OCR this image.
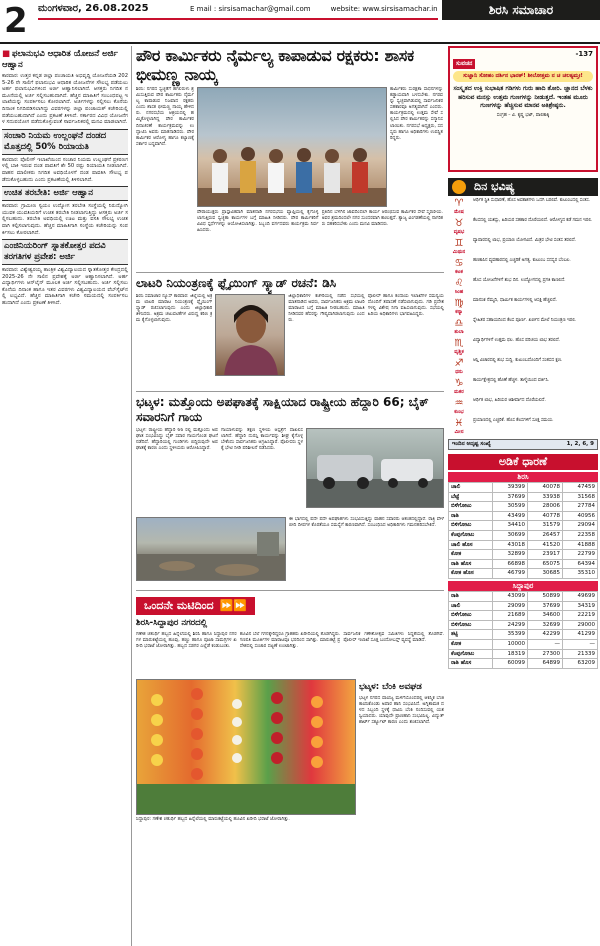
2	ಮಂಗಳವಾರ, 26.08.2025	E mail : sirsisamachar@gmail.com	website: www.sirsisamachar.in	ಶಿರಸಿ ಸಮಾಚಾರ
■ ಫಲಾನುಭವಿ ಆಧಾರಿತ ಯೋಜನೆ ಅರ್ಜಿ ಆಹ್ವಾನ
ಕಾರವಾರ: ಉತ್ತರ ಕನ್ನಡ ಜಿಲ್ಲಾ ಪಂಚಾಯತಿ ಅಭಿವೃದ್ಧಿ ಯೋಜನೆಯಡಿ 2025-26 ನೇ ಸಾಲಿಗೆ ಫಲಾನುಭವಿ ಆಧಾರಿತ ಯೋಜನೆಗಳ ಸೌಲಭ್ಯ ಪಡೆಯಲು ಅರ್ಹ ಫಲಾನುಭವಿಗಳಿಂದ ಅರ್ಜಿ ಆಹ್ವಾನಿಸಲಾಗಿದೆ. ಆಸಕ್ತರು ನಿಗದಿತ ನಮೂನೆಯಲ್ಲಿ ಅರ್ಜಿ ಸಲ್ಲಿಸಬಹುದಾಗಿದೆ. ಹೆಚ್ಚಿನ ಮಾಹಿತಿಗೆ ಸಂಬಂಧಪಟ್ಟ ಇಲಾಖೆಯನ್ನು ಸಂಪರ್ಕಿಸಲು ಕೋರಲಾಗಿದೆ. ಅರ್ಜಿಗಳನ್ನು ಸಲ್ಲಿಸಲು ಕೊನೆಯ ದಿನಾಂಕ ನಿಗದಿಪಡಿಸಲಾಗಿದ್ದು ವಿವರಗಳನ್ನು ಜಿಲ್ಲಾ ಪಂಚಾಯತ್ ಕಚೇರಿಯಲ್ಲಿ ಪಡೆಯಬಹುದಾಗಿದೆ ಎಂದು ಪ್ರಕಟಣೆ ತಿಳಿಸಿದೆ. ಸರ್ಕಾರದ ವಿವಿಧ ಯೋಜನೆಗಳ ಸದುಪಯೋಗ ಪಡೆದುಕೊಳ್ಳುವಂತೆ ಸಾರ್ವಜನಿಕರಲ್ಲಿ ಮನವಿ ಮಾಡಲಾಗಿದೆ.
ಸಂಚಾರಿ ನಿಯಮ ಉಲ್ಲಂಘನೆ ದಂಡದ ಮೊತ್ತದಲ್ಲಿ 50% ರಿಯಾಯತಿ
ಕಾರವಾರ: ಪೊಲೀಸ್ ಇಲಾಖೆಯಿಂದ ಸಂಚಾರ ನಿಯಮ ಉಲ್ಲಂಘನೆ ಪ್ರಕರಣಗಳಲ್ಲಿ ಬಾಕಿ ಇರುವ ದಂಡ ಪಾವತಿಗೆ ಶೇ 50 ರಷ್ಟು ರಿಯಾಯತಿ ನೀಡಲಾಗಿದೆ. ವಾಹನ ಮಾಲೀಕರು ನಿಗದಿತ ಅವಧಿಯೊಳಗೆ ದಂಡ ಪಾವತಿಸಿ ಸೌಲಭ್ಯ ಪಡೆದುಕೊಳ್ಳಬಹುದು ಎಂದು ಪ್ರಕಟಣೆಯಲ್ಲಿ ತಿಳಿಸಲಾಗಿದೆ.
ಉಚಿತ ತರಬೇತಿ: ಅರ್ಜಿ ಆಹ್ವಾನ
ಕಾರವಾರ: ಗ್ರಾಮೀಣ ಸ್ವಯಂ ಉದ್ಯೋಗ ತರಬೇತಿ ಸಂಸ್ಥೆಯಲ್ಲಿ ನಿರುದ್ಯೋಗಿ ಯುವಕ ಯುವತಿಯರಿಗೆ ಉಚಿತ ತರಬೇತಿ ನೀಡಲಾಗುತ್ತಿದ್ದು ಆಸಕ್ತರು ಅರ್ಜಿ ಸಲ್ಲಿಸಬಹುದು. ತರಬೇತಿ ಅವಧಿಯಲ್ಲಿ ಊಟ ಮತ್ತು ವಸತಿ ಸೌಲಭ್ಯ ಉಚಿತವಾಗಿ ಕಲ್ಪಿಸಲಾಗುವುದು. ಹೆಚ್ಚಿನ ಮಾಹಿತಿಗಾಗಿ ಸಂಸ್ಥೆಯ ಕಚೇರಿಯನ್ನು ಸಂಪರ್ಕಿಸಲು ಕೋರಲಾಗಿದೆ.
ಎಂಜಿನಿಯರಿಂಗ್ ಸ್ನಾತಕೋತ್ತರ ಪದವಿ ತರಗತಿಗಳ ಪ್ರವೇಶ: ಅರ್ಜಿ
ಕಾರವಾರ: ವಿಶ್ವೇಶ್ವರಯ್ಯ ತಾಂತ್ರಿಕ ವಿಶ್ವವಿದ್ಯಾಲಯದ ಸ್ನಾತಕೋತ್ತರ ಕೇಂದ್ರದಲ್ಲಿ 2025-26 ನೇ ಸಾಲಿನ ಪ್ರವೇಶಕ್ಕೆ ಅರ್ಜಿ ಆಹ್ವಾನಿಸಲಾಗಿದೆ. ಅರ್ಹ ವಿದ್ಯಾರ್ಥಿಗಳು ಆನ್‌ಲೈನ್ ಮೂಲಕ ಅರ್ಜಿ ಸಲ್ಲಿಸಬಹುದು. ಅರ್ಜಿ ಸಲ್ಲಿಸಲು ಕೊನೆಯ ದಿನಾಂಕ ಹಾಗೂ ಇತರ ವಿವರಗಳು ವಿಶ್ವವಿದ್ಯಾಲಯದ ವೆಬ್‌ಸೈಟ್‌ನಲ್ಲಿ ಲಭ್ಯವಿದೆ. ಹೆಚ್ಚಿನ ಮಾಹಿತಿಗಾಗಿ ಕಚೇರಿ ಸಮಯದಲ್ಲಿ ಸಂಪರ್ಕಿಸಬಹುದಾಗಿದೆ ಎಂದು ಪ್ರಕಟಣೆ ತಿಳಿಸಿದೆ.
ಪೌರ ಕಾರ್ಮಿಕರು ನೈರ್ಮಲ್ಯ ಕಾಪಾಡುವ ರಕ್ಷಕರು: ಶಾಸಕ ಭೀಮಣ್ಣ ನಾಯ್ಕ
ಶಿರಸಿ: ನಗರದ ಸ್ವಚ್ಛತೆಗೆ ಹಗಲಿರುಳು ಶ್ರಮಿಸುತ್ತಿರುವ ಪೌರ ಕಾರ್ಮಿಕರು ನೈರ್ಮಲ್ಯ ಕಾಪಾಡುವ ನಿಜವಾದ ರಕ್ಷಕರು ಎಂದು ಶಾಸಕ ಭೀಮಣ್ಣ ನಾಯ್ಕ ಹೇಳಿದರು. ನಗರಸಭೆಯ ಆಶ್ರಯದಲ್ಲಿ ಹಮ್ಮಿಕೊಳ್ಳಲಾಗಿದ್ದ ಪೌರ ಕಾರ್ಮಿಕರ ದಿನಾಚರಣೆ ಕಾರ್ಯಕ್ರಮವನ್ನು ಉದ್ಘಾಟಿಸಿ ಅವರು ಮಾತನಾಡಿದರು. ಪೌರ ಕಾರ್ಮಿಕರ ಆರೋಗ್ಯ ಹಾಗೂ ಕಲ್ಯಾಣಕ್ಕೆ ಸರ್ಕಾರ ಬದ್ಧವಾಗಿದೆ.
ಕಾರ್ಮಿಕರು ಸುರಕ್ಷತಾ ಸಾಧನಗಳನ್ನು ಕಡ್ಡಾಯವಾಗಿ ಬಳಸಬೇಕು. ನಗರವನ್ನು ಸ್ವಚ್ಛವಾಗಿಡುವಲ್ಲಿ ಸಾರ್ವಜನಿಕರ ಸಹಕಾರವೂ ಅಗತ್ಯವಾಗಿದೆ ಎಂದರು. ಕಾರ್ಯಕ್ರಮದಲ್ಲಿ ಉತ್ತಮ ಸೇವೆ ಸಲ್ಲಿಸಿದ ಪೌರ ಕಾರ್ಮಿಕರನ್ನು ಸನ್ಮಾನಿಸಲಾಯಿತು. ನಗರಸಭೆ ಅಧ್ಯಕ್ಷರು, ಸದಸ್ಯರು ಹಾಗೂ ಅಧಿಕಾರಿಗಳು ಉಪಸ್ಥಿತರಿದ್ದರು.
ಪೌರಾಯುಕ್ತರು ಪ್ರಾಸ್ತಾವಿಕವಾಗಿ ಮಾತನಾಡಿ ನಗರಸಭೆಯ ವ್ಯಾಪ್ತಿಯಲ್ಲಿ ಕೈಗೊಳ್ಳಲಾಗುತ್ತಿರುವ ಸ್ವಚ್ಛತಾ ಕಾರ್ಯಗಳ ಬಗ್ಗೆ ಮಾಹಿತಿ ನೀಡಿದರು. ಪೌರ ಕಾರ್ಮಿಕರಿಗೆ ವಿವಿಧ ಸ್ಪರ್ಧೆಗಳನ್ನು ಆಯೋಜಿಸಲಾಗಿತ್ತು. ಸಿಬ್ಬಂದಿ ವರ್ಗದವರು ಕಾರ್ಯಕ್ರಮ ನಿರ್ವಹಿಸಿದರು.
ಪ್ರತಿದಿನ ಬೆಳಗಿನ ಜಾವದಿಂದಲೇ ಕಾರ್ಯ ಆರಂಭಿಸುವ ಕಾರ್ಮಿಕರ ಸೇವೆ ಸ್ಮರಣೀಯ. ಅವರ ಶ್ರಮದಿಂದಲೇ ನಗರ ಸುಂದರವಾಗಿ ಕಾಣುತ್ತದೆ. ತ್ಯಾಜ್ಯ ವಿಂಗಡಣೆಯಲ್ಲಿ ನಾಗರಿಕರು ಸಹಕರಿಸಬೇಕು ಎಂದು ಮನವಿ ಮಾಡಿದರು.
ಲಾಟರಿ ನಿಯಂತ್ರಣಕ್ಕೆ ಫ್ಲೈಯಿಂಗ್ ಸ್ಕ್ವಾಡ್ ರಚನೆ: ಡಿಸಿ
ಶಿರಸಿ ಸಮಾಚಾರ ನ್ಯೂಸ್ ಕಾರವಾರ: ಜಿಲ್ಲೆಯಲ್ಲಿ ಅಕ್ರಮ ಲಾಟರಿ ಮಾರಾಟ ನಿಯಂತ್ರಣಕ್ಕೆ ಫ್ಲೈಯಿಂಗ್ ಸ್ಕ್ವಾಡ್ ರಚಿಸಲಾಗುವುದು ಎಂದು ಜಿಲ್ಲಾಧಿಕಾರಿ ತಿಳಿಸಿದರು. ಅಕ್ರಮ ಚಟುವಟಿಕೆಗಳ ವಿರುದ್ಧ ಕಠಿಣ ಕ್ರಮ ಕೈಗೊಳ್ಳಲಾಗುವುದು.
ಜಿಲ್ಲಾಧಿಕಾರಿಗಳ ಕಚೇರಿಯಲ್ಲಿ ನಡೆದ ಸಭೆಯಲ್ಲಿ ಮಾತನಾಡಿದ ಅವರು, ಸಾರ್ವಜನಿಕರು ಅಕ್ರಮ ಲಾಟರಿ ಮಾರಾಟದ ಬಗ್ಗೆ ಮಾಹಿತಿ ನೀಡಬಹುದು. ಮಾಹಿತಿ ನೀಡಿದವರ ಹೆಸರನ್ನು ಗೌಪ್ಯವಾಗಿಡಲಾಗುವುದು ಎಂದರು.
ಪೊಲೀಸ್ ಹಾಗೂ ಕಂದಾಯ ಇಲಾಖೆಗಳ ಸಮನ್ವಯದೊಂದಿಗೆ ತಪಾಸಣೆ ನಡೆಸಲಾಗುವುದು. ಗಡಿ ಪ್ರದೇಶಗಳಲ್ಲಿ ವಿಶೇಷ ನಿಗಾ ವಹಿಸಲಾಗುವುದು. ಸಭೆಯಲ್ಲಿ ಹಿರಿಯ ಅಧಿಕಾರಿಗಳು ಭಾಗವಹಿಸಿದ್ದರು.
ಭಟ್ಕಳ: ಮತ್ತೊಂದು ಅಪಘಾತಕ್ಕೆ ಸಾಕ್ಷಿಯಾದ ರಾಷ್ಟ್ರೀಯ ಹೆದ್ದಾರಿ 66; ಬೈಕ್ ಸವಾರನಿಗೆ ಗಾಯ
ಭಟ್ಕಳ: ರಾಷ್ಟ್ರೀಯ ಹೆದ್ದಾರಿ 66 ರಲ್ಲಿ ಮತ್ತೊಂದು ಅಪಘಾತ ಸಂಭವಿಸಿದ್ದು ಬೈಕ್ ಸವಾರ ಗಾಯಗೊಂಡ ಘಟನೆ ನಡೆದಿದೆ. ಹೆದ್ದಾರಿಯಲ್ಲಿ ಗುಂಡಿಗಳು ಬಿದ್ದಿರುವುದೇ ಅಪಘಾತಕ್ಕೆ ಕಾರಣ ಎಂದು ಸ್ಥಳೀಯರು ಆರೋಪಿಸಿದ್ದಾರೆ.
ಗಾಯಾಳುವನ್ನು ತಕ್ಷಣ ಸ್ಥಳೀಯ ಆಸ್ಪತ್ರೆಗೆ ದಾಖಲಿಸಲಾಗಿದೆ. ಹೆದ್ದಾರಿ ದುರಸ್ತಿ ಕಾರ್ಯವನ್ನು ಶೀಘ್ರ ಕೈಗೊಳ್ಳಬೇಕೆಂದು ಸಾರ್ವಜನಿಕರು ಆಗ್ರಹಿಸಿದ್ದಾರೆ. ಪೊಲೀಸರು ಸ್ಥಳಕ್ಕೆ ಭೇಟಿ ನೀಡಿ ಪರಿಶೀಲನೆ ನಡೆಸಿದರು.
ಈ ಭಾಗದಲ್ಲಿ ಪದೇ ಪದೇ ಅಪಘಾತಗಳು ಸಂಭವಿಸುತ್ತಿದ್ದು ವಾಹನ ಸವಾರರು ಆತಂಕದಲ್ಲಿದ್ದಾರೆ. ರಾತ್ರಿ ವೇಳೆ ಬೀದಿ ದೀಪಗಳ ಕೊರತೆಯೂ ಸಮಸ್ಯೆಗೆ ಕಾರಣವಾಗಿದೆ. ಸಂಬಂಧಿಸಿದ ಅಧಿಕಾರಿಗಳು ಗಮನಹರಿಸಬೇಕಿದೆ.
ಒಂದನೇ ಮಟಿದಿಂದ ⏩⏩
ಶಿರಸಿ-ಸಿದ್ದಾಪುರ ನಗರದಲ್ಲಿ
ಗಣೇಶ ಚತುರ್ಥಿ ಹಬ್ಬದ ಹಿನ್ನೆಲೆಯಲ್ಲಿ ಶಿರಸಿ ಹಾಗೂ ಸಿದ್ದಾಪುರ ನಗರಗಳ ಮಾರುಕಟ್ಟೆಯಲ್ಲಿ ಹೂವು, ಹಣ್ಣು ಹಾಗೂ ಪೂಜಾ ಸಾಮಗ್ರಿಗಳ ಖರೀದಿ ಭರಾಟೆ ಜೋರಾಗಿತ್ತು. ಹಬ್ಬದ ಸಡಗರ ಎಲ್ಲೆಡೆ ಕಂಡುಬಂತು.
ಹೂವಿನ ಬೆಲೆ ಗಗನಕ್ಕೇರಿದ್ದರೂ ಗ್ರಾಹಕರು ಖರೀದಿಯಲ್ಲಿ ತೊಡಗಿದ್ದರು. ಗಣಪತಿ ಮೂರ್ತಿಗಳ ಮಾರಾಟವೂ ಭರದಿಂದ ಸಾಗಿತ್ತು. ಮಾರುಕಟ್ಟೆ ಪ್ರದೇಶದಲ್ಲಿ ಸಂಚಾರ ದಟ್ಟಣೆ ಉಂಟಾಗಿತ್ತು.
ಸಾರ್ವಜನಿಕ ಗಣೇಶೋತ್ಸವ ಸಮಿತಿಗಳು ಸಿದ್ಧತೆಯಲ್ಲಿ ತೊಡಗಿವೆ. ಪೊಲೀಸ್ ಇಲಾಖೆ ಸೂಕ್ತ ಬಂದೋಬಸ್ತ್ ವ್ಯವಸ್ಥೆ ಮಾಡಿದೆ.
ಸಿದ್ದಾಪುರ: ಗಣೇಶ ಚತುರ್ಥಿ ಹಬ್ಬದ ಹಿನ್ನೆಲೆಯಲ್ಲಿ ಮಾರುಕಟ್ಟೆಯಲ್ಲಿ ಹೂವಿನ ಖರೀದಿ ಭರಾಟೆ ಜೋರಾಗಿತ್ತು.
ಭಟ್ಕಳ: ಬೆಂಕಿ ಅವಘಡ
ಭಟ್ಕಳ ನಗರದ ವಾಣಿಜ್ಯ ಮಳಿಗೆಯೊಂದರಲ್ಲಿ ಆಕಸ್ಮಿಕ ಬೆಂಕಿ ಕಾಣಿಸಿಕೊಂಡು ಅಪಾರ ಹಾನಿ ಸಂಭವಿಸಿದೆ. ಅಗ್ನಿಶಾಮಕ ದಳದ ಸಿಬ್ಬಂದಿ ಸ್ಥಳಕ್ಕೆ ಧಾವಿಸಿ ಬೆಂಕಿ ನಂದಿಸುವಲ್ಲಿ ಯಶಸ್ವಿಯಾದರು. ಯಾವುದೇ ಪ್ರಾಣಹಾನಿ ಸಂಭವಿಸಿಲ್ಲ. ವಿದ್ಯುತ್ ಶಾರ್ಟ್ ಸರ್ಕ್ಯೂಟ್ ಕಾರಣ ಎಂದು ಶಂಕಿಸಲಾಗಿದೆ.
ಸುವಚನ
-137
ಸುಜ್ಞಾನಿ ಸೋಹಂ ದರ್ಶಿನ ಭಾರತ್! ಶೀಲೋತ್ತಮ ನ ಚ ಚಲತ್ಯಮ್ತಃ!
ಸಂಸ್ಕೃತದ ಉಕ್ತಿ ಸುಭಾಷಿತ ಗಡಿಗಳು ಗುರು ಹಾದಿ ತೋರಿ. ಜ್ಞಾನದ ಬೆಳಕು ಹರಿಸುವ ಮನಸ್ಸು ಉತ್ತಮ ಗುಣಗಳನ್ನು ನೀಡುತ್ತದೆ. ಇಂತಹ ಮೂರು ಗುಣಗಳನ್ನು ಹೆಚ್ಚಿಸುವ ಮಾನವ ಅತಿಶ್ರೇಷ್ಠನು.
ಸಂಗ್ರಹ – ವಿ. ಕೃಷ್ಣ ಭಟ್, ಪಾಲಿಕಾಕ್ಕಿ
ದಿನ ಭವಿಷ್ಯ
♈
ಮೇಷ
ಆರ್ಥಿಕ ಸ್ಥಿತಿ ಸುಧಾರಣೆ, ಹೊಸ ಅವಕಾಶಗಳು ಒದಗಿ ಬರಲಿವೆ. ಕುಟುಂಬದಲ್ಲಿ ಸಂತಸ.
♉
ವೃಷಭ
ಕೆಲಸದಲ್ಲಿ ಯಶಸ್ಸು, ಹಿರಿಯರ ಸಹಕಾರ ದೊರೆಯಲಿದೆ. ಆರೋಗ್ಯದ ಕಡೆ ಗಮನ ಇರಲಿ.
♊
ಮಿಥುನ
ವ್ಯಾಪಾರದಲ್ಲಿ ಲಾಭ, ಪ್ರಯಾಣ ಯೋಗವಿದೆ. ಮಿತ್ರರ ಭೇಟಿ ಸಂತಸ ತರಲಿದೆ.
♋
ಕಟಕ
ಹಣಕಾಸಿನ ವ್ಯವಹಾರದಲ್ಲಿ ಎಚ್ಚರಿಕೆ ಅಗತ್ಯ. ಕುಟುಂಬ ಸದಸ್ಯರ ಬೆಂಬಲ.
♌
ಸಿಂಹ
ಹೊಸ ಯೋಜನೆಗಳಿಗೆ ಶುಭ ದಿನ. ಉದ್ಯೋಗದಲ್ಲಿ ಪ್ರಗತಿ ಕಾಣಲಿದೆ.
♍
ಕನ್ಯಾ
ಮಾನಸಿಕ ನೆಮ್ಮದಿ, ಧಾರ್ಮಿಕ ಕಾರ್ಯಗಳಲ್ಲಿ ಆಸಕ್ತಿ ಹೆಚ್ಚಲಿದೆ.
♎
ತುಲಾ
ಸ್ನೇಹಿತರ ಸಹಾಯದಿಂದ ಕೆಲಸ ಪೂರ್ಣ. ಖರ್ಚಿನ ಮೇಲೆ ನಿಯಂತ್ರಣ ಇರಲಿ.
♏
ವೃಶ್ಚಿಕ
ವಿದ್ಯಾರ್ಥಿಗಳಿಗೆ ಉತ್ತಮ ಫಲ. ಹೊಸ ಪರಿಚಯ ಲಾಭ ತರಲಿದೆ.
♐
ಧನು
ಆಸ್ತಿ ವಿಚಾರದಲ್ಲಿ ಶುಭ ಸುದ್ದಿ. ಕುಟುಂಬದೊಂದಿಗೆ ಸಂತಸದ ಕ್ಷಣ.
♑
ಮಕರ
ಕಾರ್ಯಕ್ಷೇತ್ರದಲ್ಲಿ ಹೊಣೆ ಹೆಚ್ಚಳ. ತಾಳ್ಮೆಯಿಂದ ವರ್ತಿಸಿ.
♒
ಕುಂಭ
ಆರ್ಥಿಕ ಲಾಭ, ಹಿರಿಯರ ಆಶೀರ್ವಾದ ದೊರೆಯಲಿದೆ.
♓
ಮೀನ
ಪ್ರಯಾಣದಲ್ಲಿ ಎಚ್ಚರಿಕೆ. ಹೊಸ ಕೆಲಸಗಳಿಗೆ ಸೂಕ್ತ ಸಮಯ.
ಇಂದಿನ ಅದೃಷ್ಟ ಸಂಖ್ಯೆ	1, 2, 6, 9
ಅಡಿಕೆ ಧಾರಣೆ
ಶಿರಸಿ
ಚಾಲಿ	39399	40078	47459
ಬೆಟ್ಟೆ	37699	33938	31568
ಬಿಳೆಗೋಟು	30599	28006	27784
ರಾಶಿ	43499	40778	40956
ಬಿಳಿಗೋಟು	34410	31579	29094
ಕೆಂಪುಗೋಟು	30699	26457	22358
ಚಾಲಿ ಹೊಸ	43018	41520	41888
ಕೋಕ	32899	23917	22799
ರಾಶಿ ಹೊಸ	66898	65075	64394
ಕೋಕ ಹೊಸ	46799	30685	35310
ಸಿದ್ದಾಪುರ
ರಾಶಿ	43099	50899	49699
ಚಾಲಿ	29099	37699	34319
ಬಿಳೆಗೋಟು	21689	34600	22219
ಬಿಳಿಗೋಟು	24299	32699	29000
ತಟ್ಟಿ	35399	42299	41299
ಕೋಕ	10000	—	—
ಕೆಂಪುಗೋಟು	18319	27300	21339
ರಾಶಿ ಹೊಸ	60099	64899	63209
